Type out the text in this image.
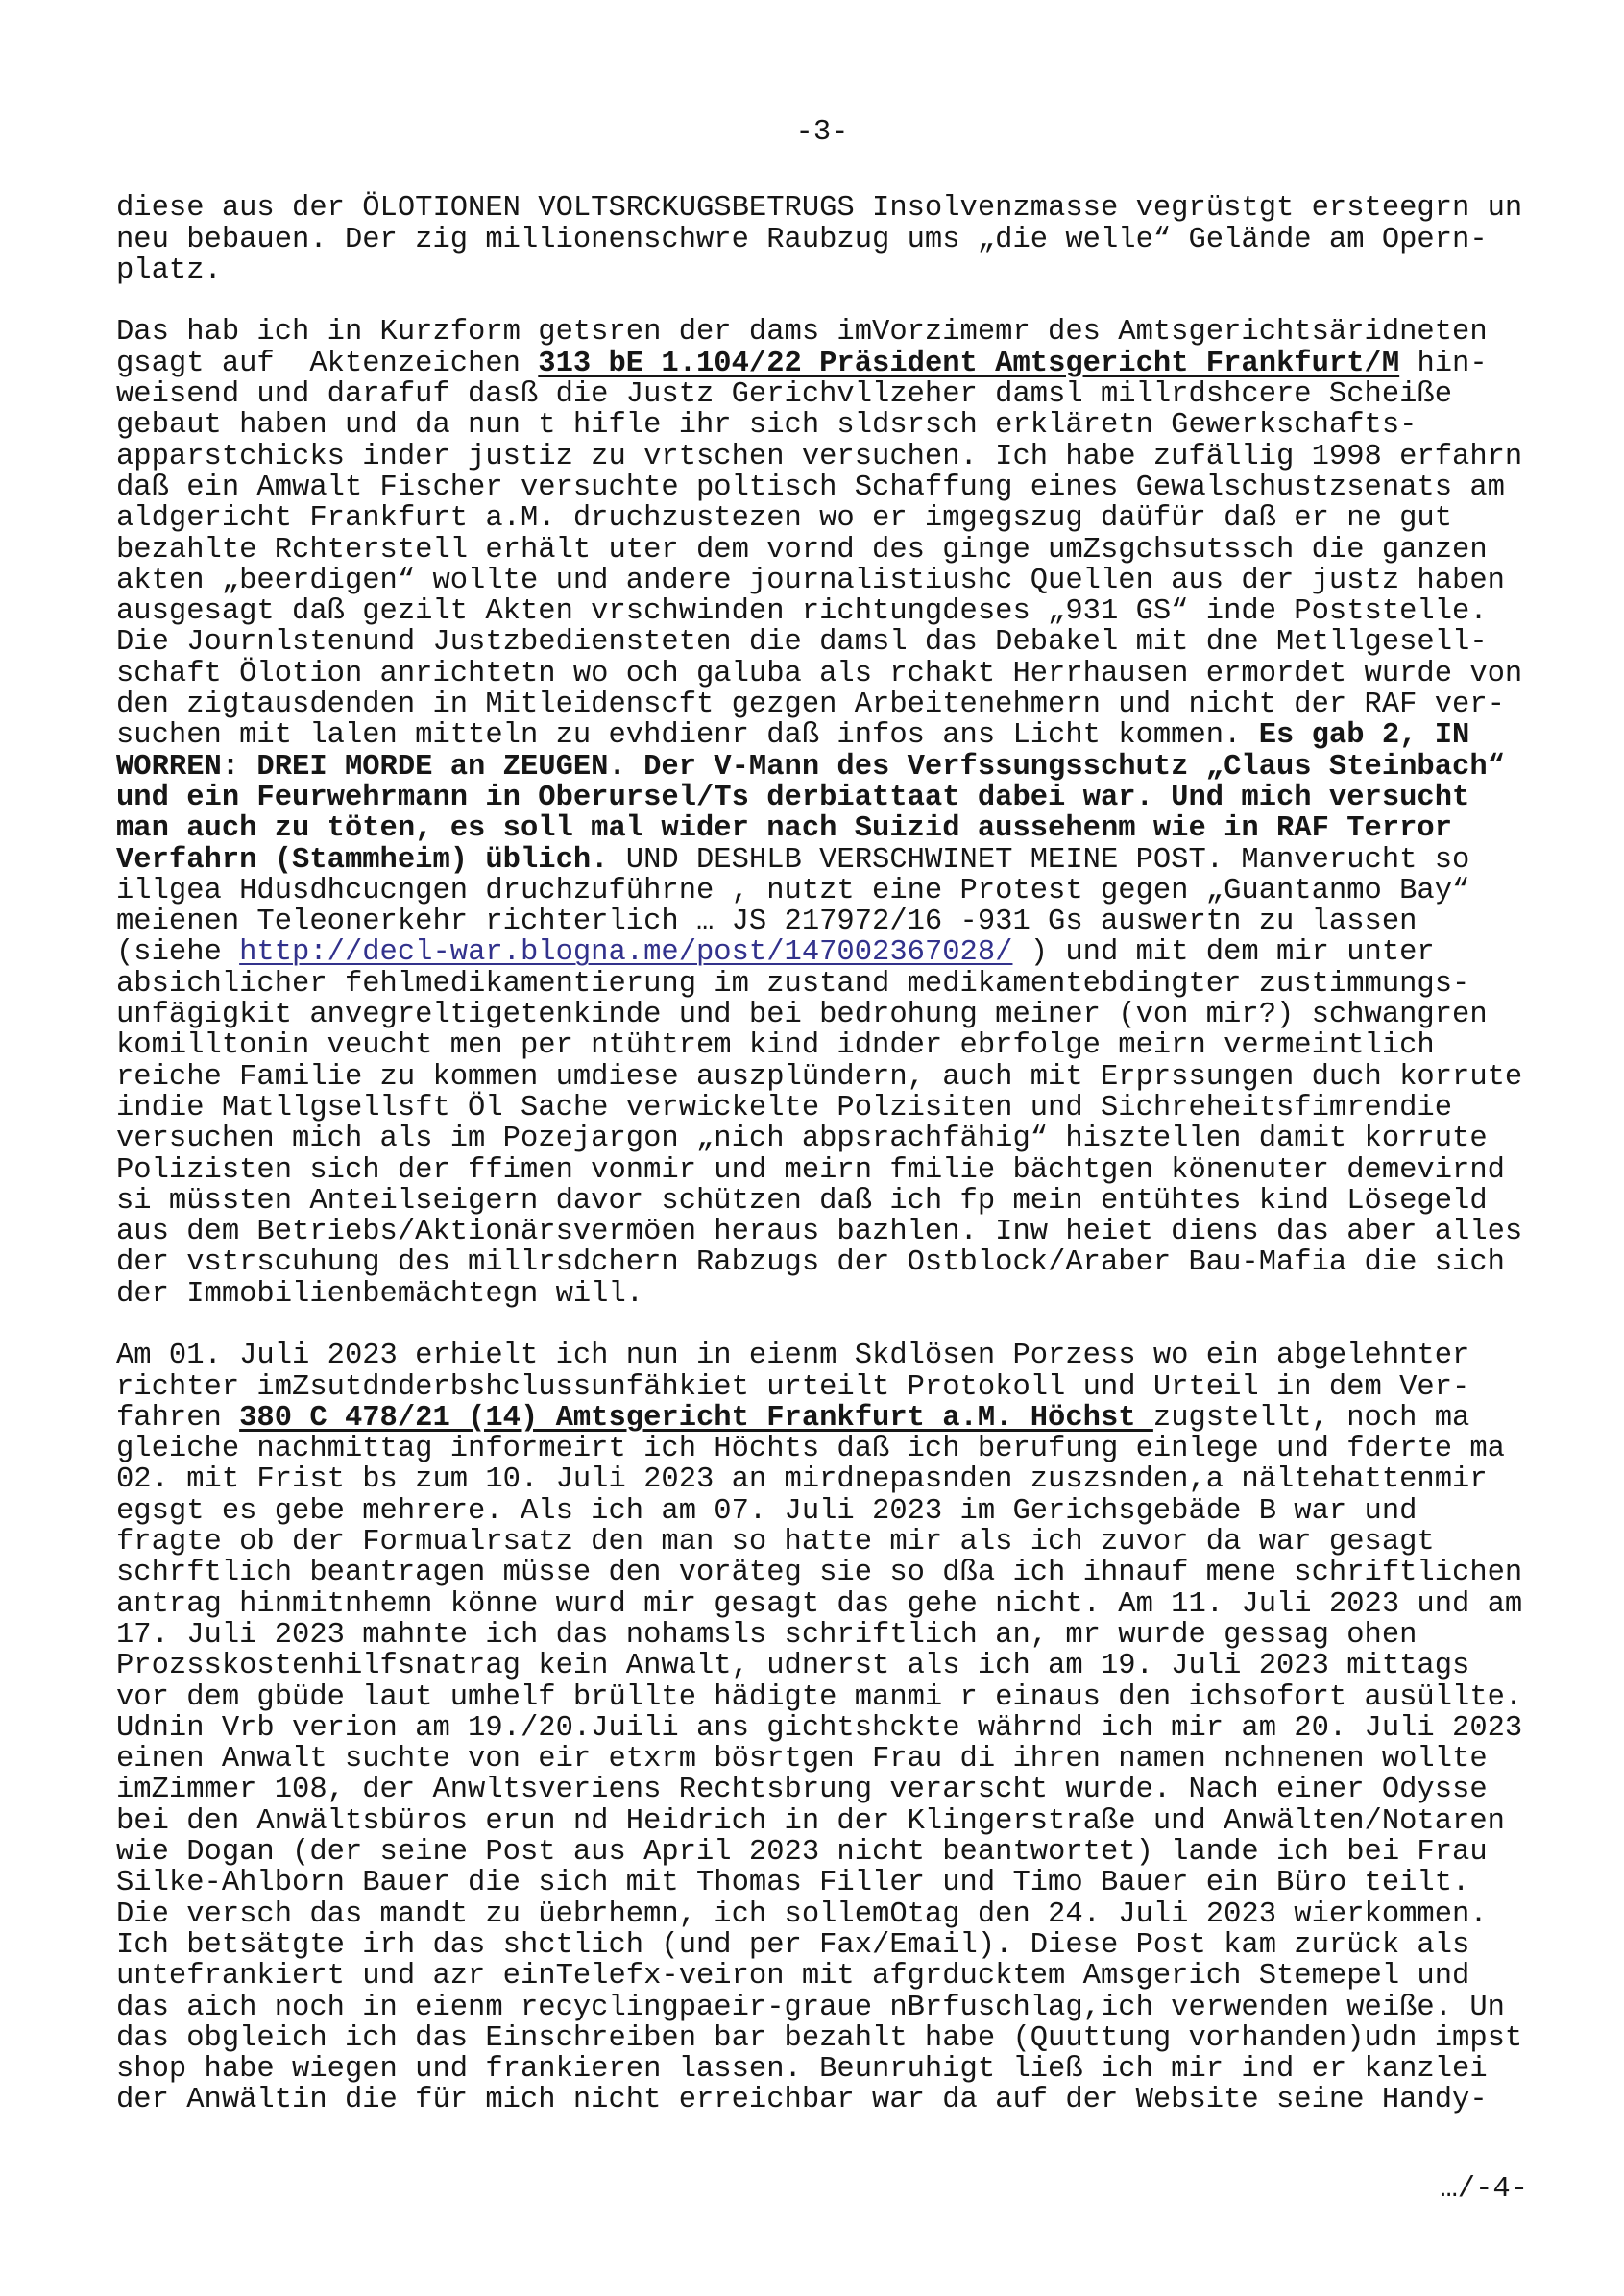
-3-
diese aus der ÖLOTIONEN VOLTSRCKUGSBETRUGS Insolvenzmasse vegrüstgt ersteegrn un
neu bebauen. Der zig millionenschwre Raubzug ums „die welle“ Gelände am Opern-
platz.
Das hab ich in Kurzform getsren der dams imVorzimemr des Amtsgerichtsäridneten
gsagt auf  Aktenzeichen 313 bE 1.104/22 Präsident Amtsgericht Frankfurt/M hin-
weisend und darafuf dasß die Justz Gerichvllzeher damsl millrdshcere Scheiße
gebaut haben und da nun t hifle ihr sich sldsrsch erkläretn Gewerkschafts-
apparstchicks inder justiz zu vrtschen versuchen. Ich habe zufällig 1998 erfahrn
daß ein Amwalt Fischer versuchte poltisch Schaffung eines Gewalschustzsenats am
aldgericht Frankfurt a.M. druchzustezen wo er imgegszug daüfür daß er ne gut
bezahlte Rchterstell erhält uter dem vornd des ginge umZsgchsutssch die ganzen
akten „beerdigen“ wollte und andere journalistiushc Quellen aus der justz haben
ausgesagt daß gezilt Akten vrschwinden richtungdeses „931 GS“ inde Poststelle.
Die Journlstenund Justzbediensteten die damsl das Debakel mit dne Metllgesell-
schaft Ölotion anrichtetn wo och galuba als rchakt Herrhausen ermordet wurde von
den zigtausdenden in Mitleidenscft gezgen Arbeitenehmern und nicht der RAF ver-
suchen mit lalen mitteln zu evhdienr daß infos ans Licht kommen. Es gab 2, IN
WORREN: DREI MORDE an ZEUGEN. Der V-Mann des Verfssungsschutz „Claus Steinbach“
und ein Feurwehrmann in Oberursel/Ts derbiattaat dabei war. Und mich versucht
man auch zu töten, es soll mal wider nach Suizid aussehenm wie in RAF Terror
Verfahrn (Stammheim) üblich. UND DESHLB VERSCHWINET MEINE POST. Manverucht so
illgea Hdusdhcucngen druchzuführne , nutzt eine Protest gegen „Guantanmo Bay“
meienen Teleonerkehr richterlich … JS 217972/16 -931 Gs auswertn zu lassen
(siehe http://decl-war.blogna.me/post/147002367028/ ) und mit dem mir unter
absichlicher fehlmedikamentierung im zustand medikamentebdingter zustimmungs-
unfägigkit anvegreltigetenkinde und bei bedrohung meiner (von mir?) schwangren
komilltonin veucht men per ntühtrem kind idnder ebrfolge meirn vermeintlich
reiche Familie zu kommen umdiese auszplündern, auch mit Erprssungen duch korrute
indie Matllgsellsft Öl Sache verwickelte Polzisiten und Sichreheitsfimrendie
versuchen mich als im Pozejargon „nich abpsrachfähig“ hisztellen damit korrute
Polizisten sich der ffimen vonmir und meirn fmilie bächtgen könenuter demevirnd
si müssten Anteilseigern davor schützen daß ich fp mein entühtes kind Lösegeld
aus dem Betriebs/Aktionärsvermöen heraus bazhlen. Inw heiet diens das aber alles
der vstrscuhung des millrsdchern Rabzugs der Ostblock/Araber Bau-Mafia die sich
der Immobilienbemächtegn will.
Am 01. Juli 2023 erhielt ich nun in eienm Skdlösen Porzess wo ein abgelehnter
richter imZsutdnderbshclussunfähkiet urteilt Protokoll und Urteil in dem Ver-
fahren 380 C 478/21 (14) Amtsgericht Frankfurt a.M. Höchst zugstellt, noch ma
gleiche nachmittag informeirt ich Höchts daß ich berufung einlege und fderte ma
02. mit Frist bs zum 10. Juli 2023 an mirdnepasnden zuszsnden,a nältehattenmir
egsgt es gebe mehrere. Als ich am 07. Juli 2023 im Gerichsgebäde B war und
fragte ob der Formualrsatz den man so hatte mir als ich zuvor da war gesagt
schrftlich beantragen müsse den voräteg sie so dßa ich ihnauf mene schriftlichen
antrag hinmitnhemn könne wurd mir gesagt das gehe nicht. Am 11. Juli 2023 und am
17. Juli 2023 mahnte ich das nohamsls schriftlich an, mr wurde gessag ohen
Prozsskostenhilfsnatrag kein Anwalt, udnerst als ich am 19. Juli 2023 mittags
vor dem gbüde laut umhelf brüllte hädigte manmi r einaus den ichsofort ausüllte.
Udnin Vrb verion am 19./20.Juili ans gichtshckte währnd ich mir am 20. Juli 2023
einen Anwalt suchte von eir etxrm bösrtgen Frau di ihren namen nchnenen wollte
imZimmer 108, der Anwltsveriens Rechtsbrung verarscht wurde. Nach einer Odysse
bei den Anwältsbüros erun nd Heidrich in der Klingerstraße und Anwälten/Notaren
wie Dogan (der seine Post aus April 2023 nicht beantwortet) lande ich bei Frau
Silke-Ahlborn Bauer die sich mit Thomas Filler und Timo Bauer ein Büro teilt.
Die versch das mandt zu üebrhemn, ich sollemOtag den 24. Juli 2023 wierkommen.
Ich betsätgte irh das shctlich (und per Fax/Email). Diese Post kam zurück als
untefrankiert und azr einTelefx-veiron mit afgrducktem Amsgerich Stemepel und
das aich noch in eienm recyclingpaeir-graue nBrfuschlag,ich verwenden weiße. Un
das obgleich ich das Einschreiben bar bezahlt habe (Quuttung vorhanden)udn impst
shop habe wiegen und frankieren lassen. Beunruhigt ließ ich mir ind er kanzlei
der Anwältin die für mich nicht erreichbar war da auf der Website seine Handy-
…/-4-
